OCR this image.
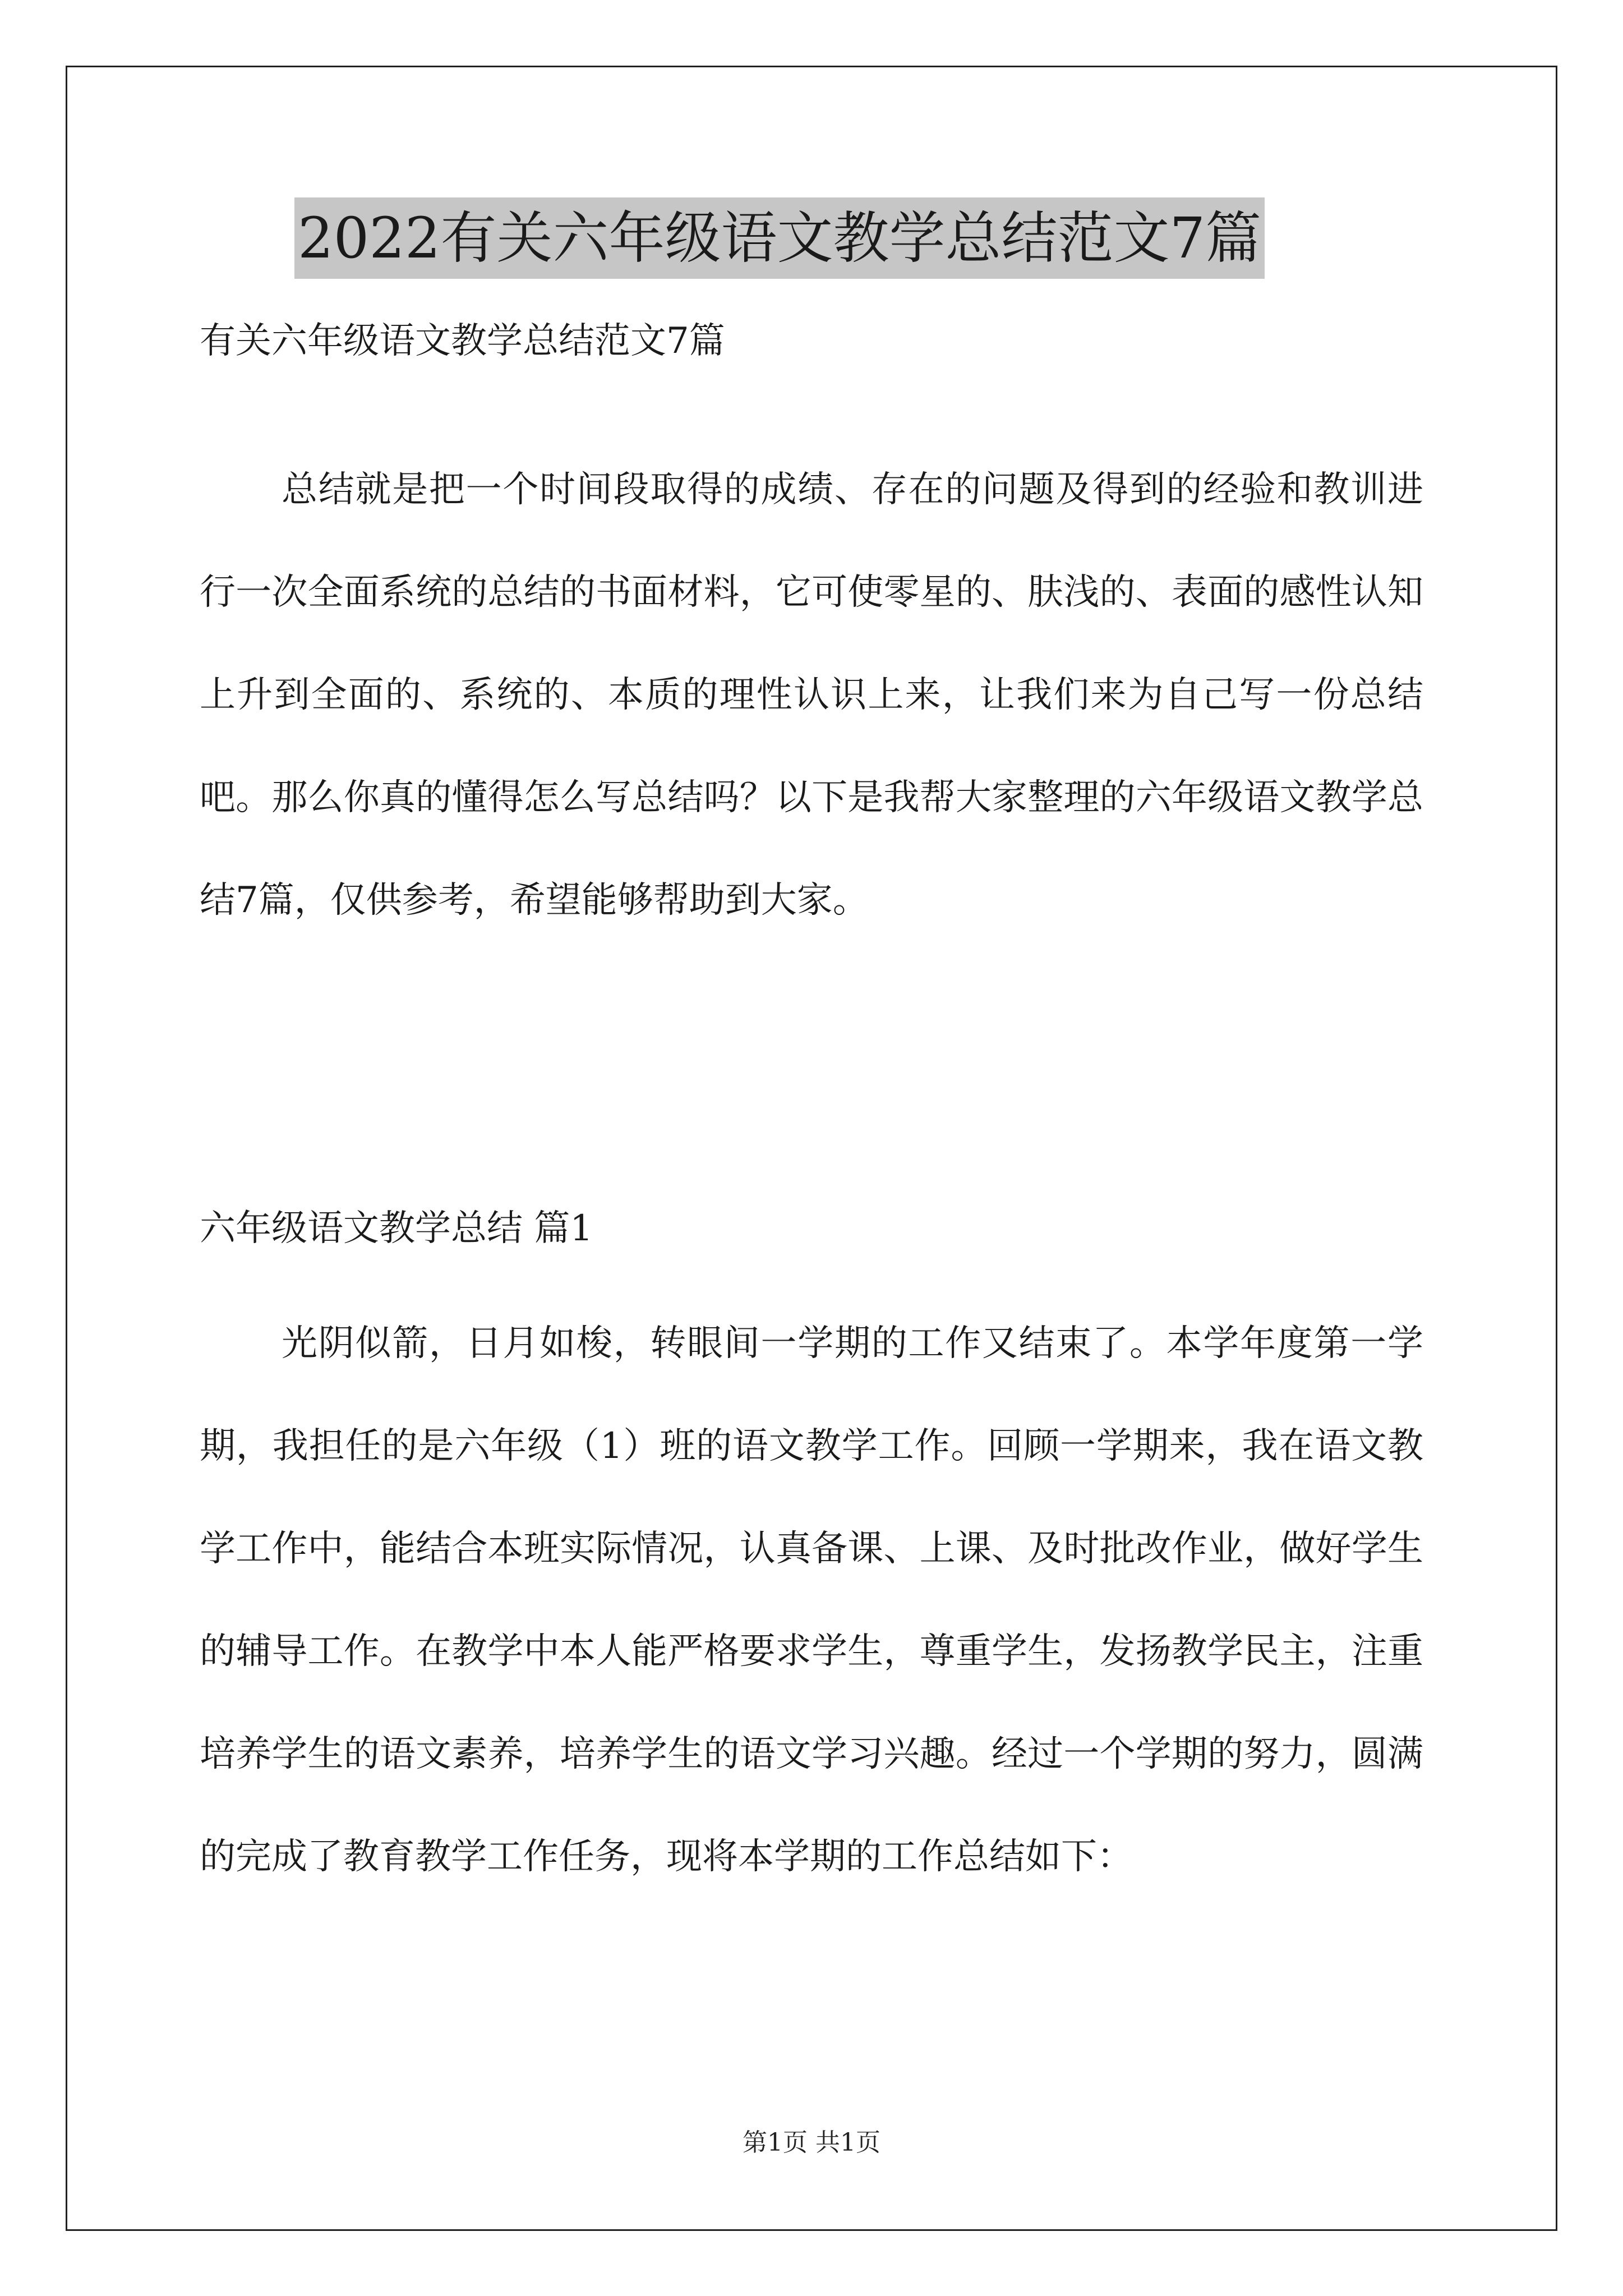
2022有关六年级语文教学总结范文7篇

有关六年级语文教学总结范文7篇

总结就是把一个时间段取得的成绩、存在的问题及得到的经验和教训进行一次全面系统的总结的书面材料，它可使零星的、肤浅的、表面的感性认知上升到全面的、系统的、本质的理性认识上来，让我们来为自己写一份总结吧。那么你真的懂得怎么写总结吗？以下是我帮大家整理的六年级语文教学总结7篇，仅供参考，希望能够帮助到大家。

六年级语文教学总结 篇1

光阴似箭，日月如梭，转眼间一学期的工作又结束了。本学年度第一学期，我担任的是六年级（1）班的语文教学工作。回顾一学期来，我在语文教学工作中，能结合本班实际情况，认真备课、上课、及时批改作业，做好学生的辅导工作。在教学中本人能严格要求学生，尊重学生，发扬教学民主，注重培养学生的语文素养，培养学生的语文学习兴趣。经过一个学期的努力，圆满的完成了教育教学工作任务，现将本学期的工作总结如下：

第1页 共1页
